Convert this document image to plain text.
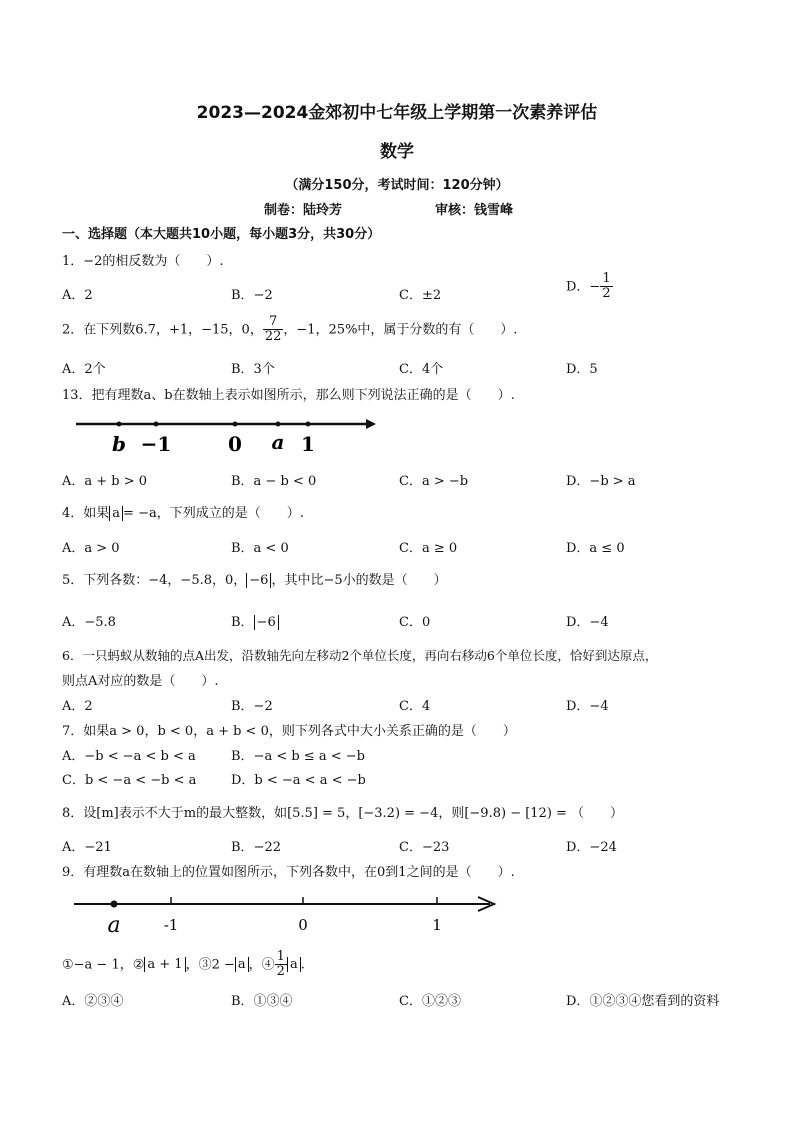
2023—2024金郊初中七年级上学期第一次素养评估
数学
（满分150分，考试时间：120分钟）
制卷：陆玲芳	审核：钱雪峰
一、选择题（本大题共10小题，每小题3分，共30分）
1．−2的相反数为（　　）.
A．2	B．−2	C．±2
D．− $\frac{1}{2}$
2．在下列数6.7，+1，−15，0， $\frac{7}{22}$ ，−1，25%中，属于分数的有（　　）.
A．2个	B．3个	C．4个	D．5
13．把有理数a、b在数轴上表示如图所示，那么则下列说法正确的是（　　）.
b −1	0 a 1
A．a + b > 0	B．a − b < 0	C．a > −b	D．−b > a
4．如果 a = −a，下列成立的是（　　）.
A．a > 0	B．a < 0	C．a ≥ 0	D．a ≤ 0
5．下列各数：−4，−5.8，0， −6 ，其中比−5小的数是（　　）
A．−5.8	B． −6	C．0	D．−4
6．一只蚂蚁从数轴的点A出发，沿数轴先向左移动2个单位长度，再向右移动6个单位长度，恰好到达原点，
则点A对应的数是（　　）.
A．2	B．−2	C．4	D．−4
7．如果a > 0，b < 0，a + b < 0，则下列各式中大小关系正确的是（　　）
A．−b < −a < b < a	B．−a < b ≤ a < −b
C．b < −a < −b < a	D．b < −a < a < −b
8．设[m]表示不大于m的最大整数，如[5.5] = 5，[−3.2) = −4，则[−9.8) − [12) = （　　）
A．−21	B．−22	C．−23	D．−24
9．有理数a在数轴上的位置如图所示，下列各数中，在0到1之间的是（　　）.
a	-1	0	1
①−a − 1，② a + 1 ，③2 − a ，④ $\frac{1}{2}$ a .
A．②③④	B．①③④	C．①②③	D．①②③④您看到的资料
